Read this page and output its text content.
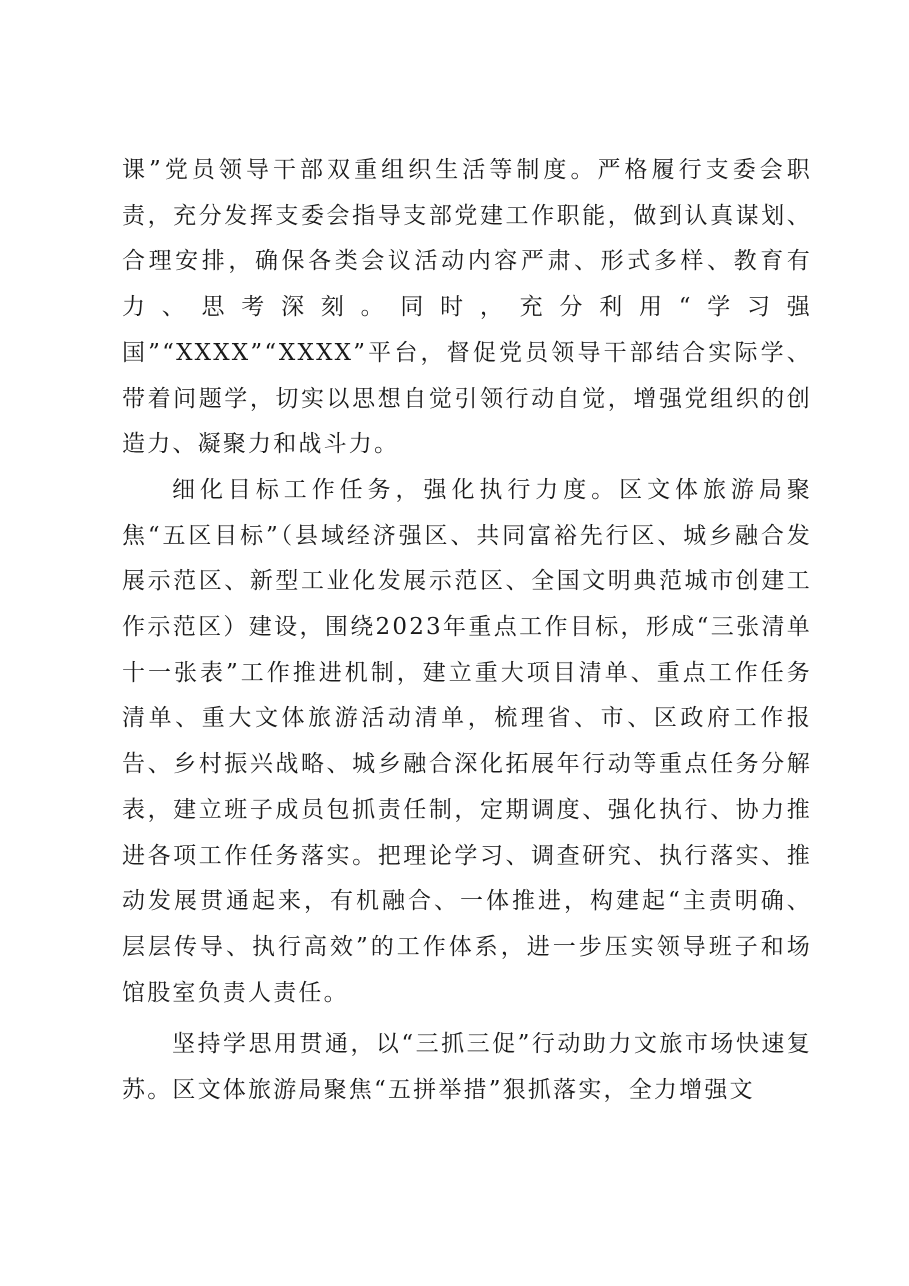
课”党员领导干部双重组织生活等制度。严格履行支委会职责，充分发挥支委会指导支部党建工作职能，做到认真谋划、合理安排，确保各类会议活动内容严肃、形式多样、教育有力、思考深刻。同时，充分利用“学习强国”“XXXX”“XXXX”平台，督促党员领导干部结合实际学、带着问题学，切实以思想自觉引领行动自觉，增强党组织的创造力、凝聚力和战斗力。

细化目标工作任务，强化执行力度。区文体旅游局聚焦“五区目标”（县域经济强区、共同富裕先行区、城乡融合发展示范区、新型工业化发展示范区、全国文明典范城市创建工作示范区）建设，围绕2023年重点工作目标，形成“三张清单十一张表”工作推进机制，建立重大项目清单、重点工作任务清单、重大文体旅游活动清单，梳理省、市、区政府工作报告、乡村振兴战略、城乡融合深化拓展年行动等重点任务分解表，建立班子成员包抓责任制，定期调度、强化执行、协力推进各项工作任务落实。把理论学习、调查研究、执行落实、推动发展贯通起来，有机融合、一体推进，构建起“主责明确、层层传导、执行高效”的工作体系，进一步压实领导班子和场馆股室负责人责任。

坚持学思用贯通，以“三抓三促”行动助力文旅市场快速复苏。区文体旅游局聚焦“五拼举措”狠抓落实，全力增强文
